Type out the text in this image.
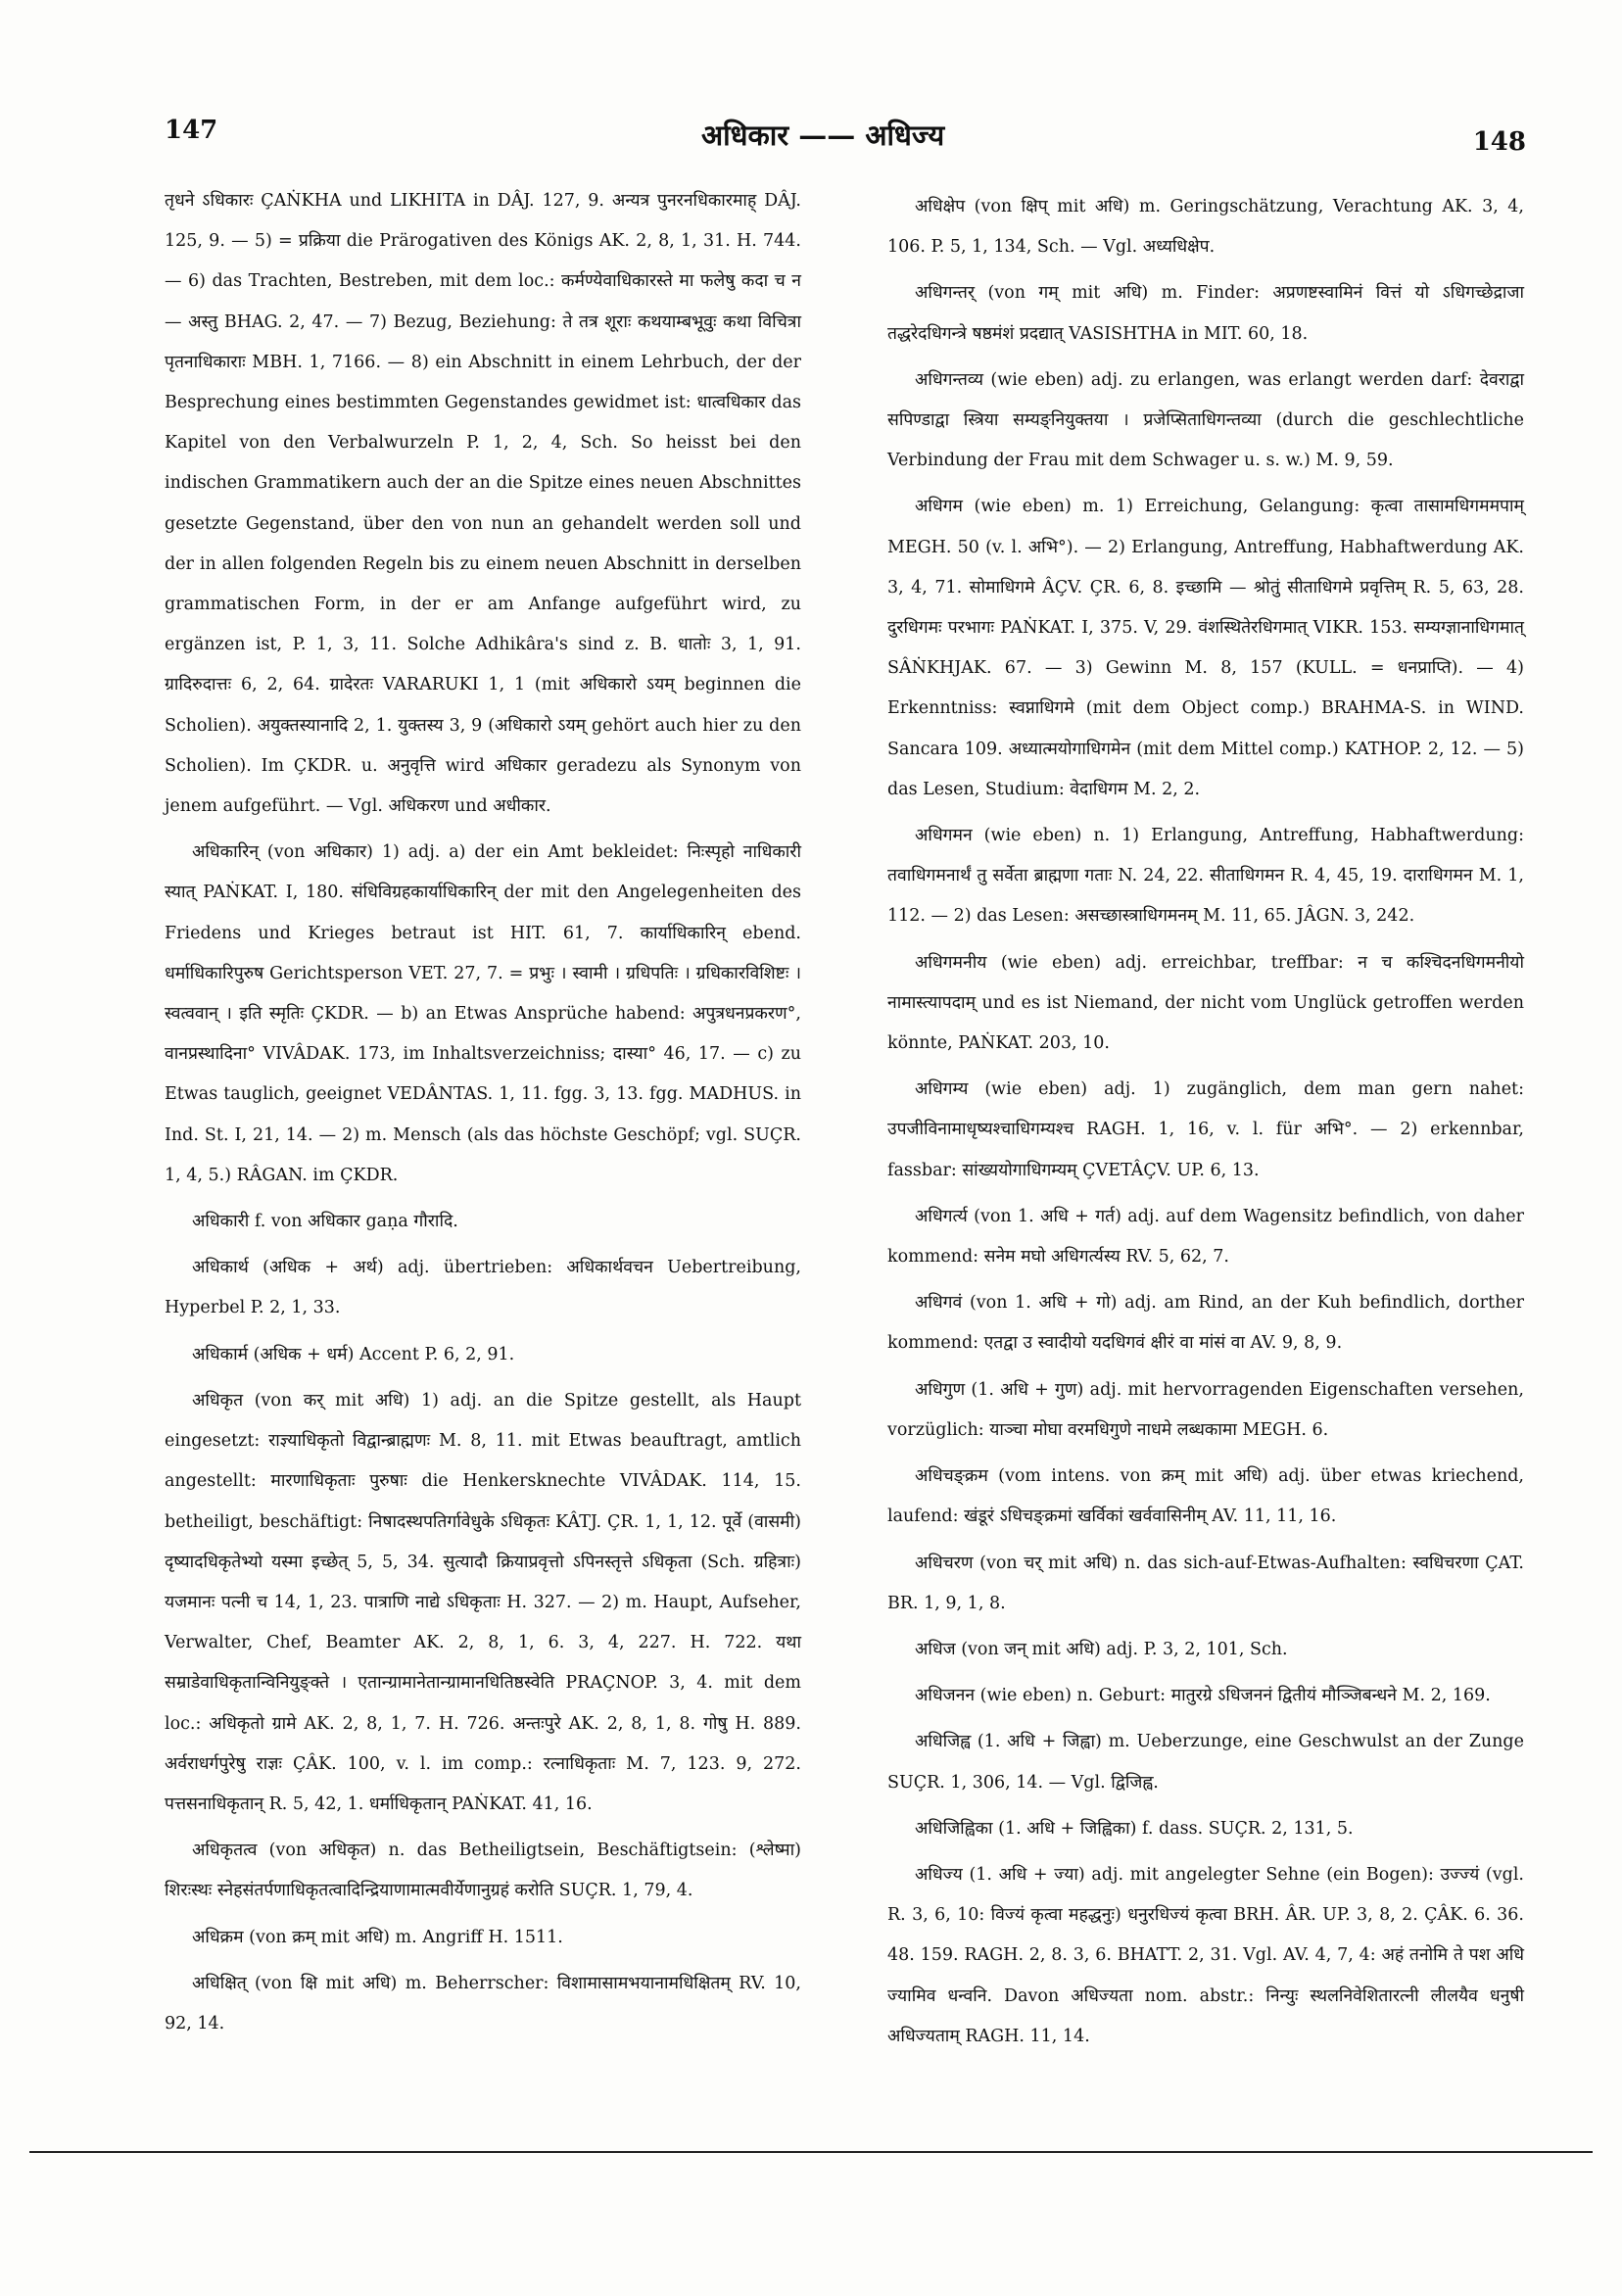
147	अधिकार —— अधिज्य	148

तृधने ऽधिकारः ÇAṄKHA und LIKHITA in DÂJ. 127, 9. अन्यत्र पुनरनधिकारमाह् DÂJ. 125, 9. — 5) = प्रक्रिया die Prärogativen des Königs AK. 2, 8, 1, 31. H. 744. — 6) das Trachten, Bestreben, mit dem loc.: कर्मण्येवाधिकारस्ते मा फलेषु कदा च न — अस्तु BHAG. 2, 47. — 7) Bezug, Beziehung: ते तत्र शूराः कथयाम्बभूवुः कथा विचित्रा पृतनाधिकाराः MBH. 1, 7166. — 8) ein Abschnitt in einem Lehrbuch, der der Besprechung eines bestimmten Gegenstandes gewidmet ist: धात्वधिकार das Kapitel von den Verbalwurzeln P. 1, 2, 4, Sch. So heisst bei den indischen Grammatikern auch der an die Spitze eines neuen Abschnittes gesetzte Gegenstand, über den von nun an gehandelt werden soll und der in allen folgenden Regeln bis zu einem neuen Abschnitt in derselben grammatischen Form, in der er am Anfange aufgeführt wird, zu ergänzen ist, P. 1, 3, 11. Solche Adhikâra's sind z. B. धातोः 3, 1, 91. ग्रादिरुदात्तः 6, 2, 64. ग्रादेरतः VARARUKI 1, 1 (mit अधिकारो ऽयम् beginnen die Scholien). अयुक्तस्यानादि 2, 1. युक्तस्य 3, 9 (अधिकारो ऽयम् gehört auch hier zu den Scholien). Im ÇKDR. u. अनुवृत्ति wird अधिकार geradezu als Synonym von jenem aufgeführt. — Vgl. अधिकरण und अधीकार.

अधिकारिन् (von अधिकार) 1) adj. a) der ein Amt bekleidet: निःस्पृहो नाधिकारी स्यात् PAṄKAT. I, 180. संधिविग्रहकार्याधिकारिन् der mit den Angelegenheiten des Friedens und Krieges betraut ist HIT. 61, 7. कार्याधिकारिन् ebend. धर्माधिकारिपुरुष Gerichtsperson VET. 27, 7. = प्रभुः । स्वामी । ग्रधिपतिः । ग्रधिकारविशिष्टः । स्वत्ववान् । इति स्मृतिः ÇKDR. — b) an Etwas Ansprüche habend: अपुत्रधनप्रकरण°, वानप्रस्थादिना° VIVÂDAK. 173, im Inhaltsverzeichniss; दास्या° 46, 17. — c) zu Etwas tauglich, geeignet VEDÂNTAS. 1, 11. fgg. 3, 13. fgg. MADHUS. in Ind. St. I, 21, 14. — 2) m. Mensch (als das höchste Geschöpf; vgl. SUÇR. 1, 4, 5.) RÂGAN. im ÇKDR.

अधिकारी f. von अधिकार gaṇa गौरादि.

अधिकार्थ (अधिक + अर्थ) adj. übertrieben: अधिकार्थवचन Uebertreibung, Hyperbel P. 2, 1, 33.

अधिकार्म (अधिक + धर्म) Accent P. 6, 2, 91.

अधिकृत (von कर् mit अधि) 1) adj. an die Spitze gestellt, als Haupt eingesetzt: राज्ञ्याधिकृतो विद्वान्ब्राह्मणः M. 8, 11. mit Etwas beauftragt, amtlich angestellt: मारणाधिकृताः पुरुषाः die Henkersknechte VIVÂDAK. 114, 15. betheiligt, beschäftigt: निषादस्थपतिर्गावेधुके ऽधिकृतः KÂTJ. ÇR. 1, 1, 12. पूर्वे (वासमी) दृष्यादधिकृतेभ्यो यस्मा इच्छेत् 5, 5, 34. सुत्यादौ क्रियाप्रवृत्तो ऽपिनस्तृत्ते ऽधिकृता (Sch. ग्रहित्राः) यजमानः पत्नी च 14, 1, 23. पात्राणि नाद्ये ऽधिकृताः H. 327. — 2) m. Haupt, Aufseher, Verwalter, Chef, Beamter AK. 2, 8, 1, 6. 3, 4, 227. H. 722. यथा सम्राडेवाधिकृतान्विनियुङ्क्ते । एतान्ग्रामानेतान्ग्रामानधितिष्ठस्वेति PRAÇNOP. 3, 4. mit dem loc.: अधिकृतो ग्रामे AK. 2, 8, 1, 7. H. 726. अन्तःपुरे AK. 2, 8, 1, 8. गोषु H. 889. अर्वराधर्गपुरेषु राज्ञः ÇÂK. 100, v. l. im comp.: रत्नाधिकृताः M. 7, 123. 9, 272. पत्तसनाधिकृतान् R. 5, 42, 1. धर्माधिकृतान् PAṄKAT. 41, 16.

अधिकृतत्व (von अधिकृत) n. das Betheiligtsein, Beschäftigtsein: (श्लेष्मा) शिरःस्थः स्नेहसंतर्पणाधिकृतत्वादिन्द्रियाणामात्मवीर्येणानुग्रहं करोति SUÇR. 1, 79, 4.

अधिक्रम (von क्रम् mit अधि) m. Angriff H. 1511.

अधिक्षित् (von क्षि mit अधि) m. Beherrscher: विशामासामभयानामधिक्षितम् RV. 10, 92, 14.

अधिक्षेप (von क्षिप् mit अधि) m. Geringschätzung, Verachtung AK. 3, 4, 106. P. 5, 1, 134, Sch. — Vgl. अध्यधिक्षेप.

अधिगन्तर् (von गम् mit अधि) m. Finder: अप्रणष्टस्वामिनं वित्तं यो ऽधिगच्छेद्राजा तद्धरेदधिगन्त्रे षष्ठमंशं प्रदद्यात् VASISHTHA in MIT. 60, 18.

अधिगन्तव्य (wie eben) adj. zu erlangen, was erlangt werden darf: देवराद्वा सपिण्डाद्वा स्त्रिया सम्यङ्नियुक्तया । प्रजेप्सिताधिगन्तव्या (durch die geschlechtliche Verbindung der Frau mit dem Schwager u. s. w.) M. 9, 59.

अधिगम (wie eben) m. 1) Erreichung, Gelangung: कृत्वा तासामधिगममपाम् MEGH. 50 (v. l. अभि°). — 2) Erlangung, Antreffung, Habhaftwerdung AK. 3, 4, 71. सोमाधिगमे ÂÇV. ÇR. 6, 8. इच्छामि — श्रोतुं सीताधिगमे प्रवृत्तिम् R. 5, 63, 28. दुरधिगमः परभागः PAṄKAT. I, 375. V, 29. वंशस्थितेरधिगमात् VIKR. 153. सम्यग्ज्ञानाधिगमात् SÂṄKHJAK. 67. — 3) Gewinn M. 8, 157 (KULL. = धनप्राप्ति). — 4) Erkenntniss: स्वप्नाधिगमे (mit dem Object comp.) BRAHMA-S. in WIND. Sancara 109. अध्यात्मयोगाधिगमेन (mit dem Mittel comp.) KATHOP. 2, 12. — 5) das Lesen, Studium: वेदाधिगम M. 2, 2.

अधिगमन (wie eben) n. 1) Erlangung, Antreffung, Habhaftwerdung: तवाधिगमनार्थं तु सर्वेता ब्राह्मणा गताः N. 24, 22. सीताधिगमन R. 4, 45, 19. दाराधिगमन M. 1, 112. — 2) das Lesen: असच्छास्त्राधिगमनम् M. 11, 65. JÂGN. 3, 242.

अधिगमनीय (wie eben) adj. erreichbar, treffbar: न च कश्चिदनधिगमनीयो नामास्त्यापदाम् und es ist Niemand, der nicht vom Unglück getroffen werden könnte, PAṄKAT. 203, 10.

अधिगम्य (wie eben) adj. 1) zugänglich, dem man gern nahet: उपजीविनामाधृष्यश्चाधिगम्यश्च RAGH. 1, 16, v. l. für अभि°. — 2) erkennbar, fassbar: सांख्ययोगाधिगम्यम् ÇVETÂÇV. UP. 6, 13.

अधिगर्त्य (von 1. अधि + गर्त) adj. auf dem Wagensitz befindlich, von daher kommend: सनेम मघो अधिगर्त्यस्य RV. 5, 62, 7.

अधिगवं (von 1. अधि + गो) adj. am Rind, an der Kuh befindlich, dorther kommend: एतद्वा उ स्वादीयो यदधिगवं क्षीरं वा मांसं वा AV. 9, 8, 9.

अधिगुण (1. अधि + गुण) adj. mit hervorragenden Eigenschaften versehen, vorzüglich: याञ्चा मोघा वरमधिगुणे नाधमे लब्धकामा MEGH. 6.

अधिचङ्क्रम (vom intens. von क्रम् mit अधि) adj. über etwas kriechend, laufend: खंडूरं ऽधिचङ्क्रमां खर्विकां खर्ववासिनीम् AV. 11, 11, 16.

अधिचरण (von चर् mit अधि) n. das sich-auf-Etwas-Aufhalten: स्वधिचरणा ÇAT. BR. 1, 9, 1, 8.

अधिज (von जन् mit अधि) adj. P. 3, 2, 101, Sch.

अधिजनन (wie eben) n. Geburt: मातुरग्रे ऽधिजननं द्वितीयं मौञ्जिबन्धने M. 2, 169.

अधिजिह्व (1. अधि + जिह्वा) m. Ueberzunge, eine Geschwulst an der Zunge SUÇR. 1, 306, 14. — Vgl. द्विजिह्व.

अधिजिह्विका (1. अधि + जिह्विका) f. dass. SUÇR. 2, 131, 5.

अधिज्य (1. अधि + ज्या) adj. mit angelegter Sehne (ein Bogen): उज्ज्यं (vgl. R. 3, 6, 10: विज्यं कृत्वा महद्धनुः) धनुरधिज्यं कृत्वा BRH. ÂR. UP. 3, 8, 2. ÇÂK. 6. 36. 48. 159. RAGH. 2, 8. 3, 6. BHATT. 2, 31. Vgl. AV. 4, 7, 4: अहं तनोमि ते पश अधि ज्यामिव धन्वनि. Davon अधिज्यता nom. abstr.: निन्युः स्थलनिवेशितारत्नी लीलयैव धनुषी अधिज्यताम् RAGH. 11, 14.
